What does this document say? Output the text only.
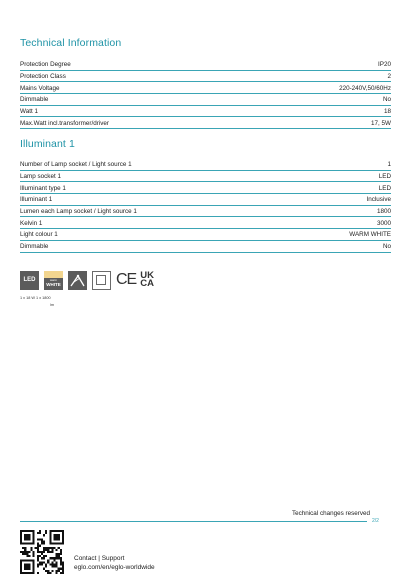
Technical Information
Protection Degree	IP20
Protection Class	2
Mains Voltage	220-240V,50/60Hz
Dimmable	No
Watt 1	18
Max.Watt incl.transformer/driver	17, 5W
Illuminant 1
Number of Lamp socket / Light source 1	1
Lamp socket 1	LED
Illuminant type 1	LED
Illuminant 1	Inclusive
Lumen each Lamp socket / Light source 1	1800
Kelvin 1	3000
Light colour 1	WARM WHITE
Dimmable	No
LED	warm
WHITE	CE UK
CA
1 x 18 W 1 x 1800
lm
Technical changes reserved
2/2
Contact | Support
eglo.com/en/eglo-worldwide
